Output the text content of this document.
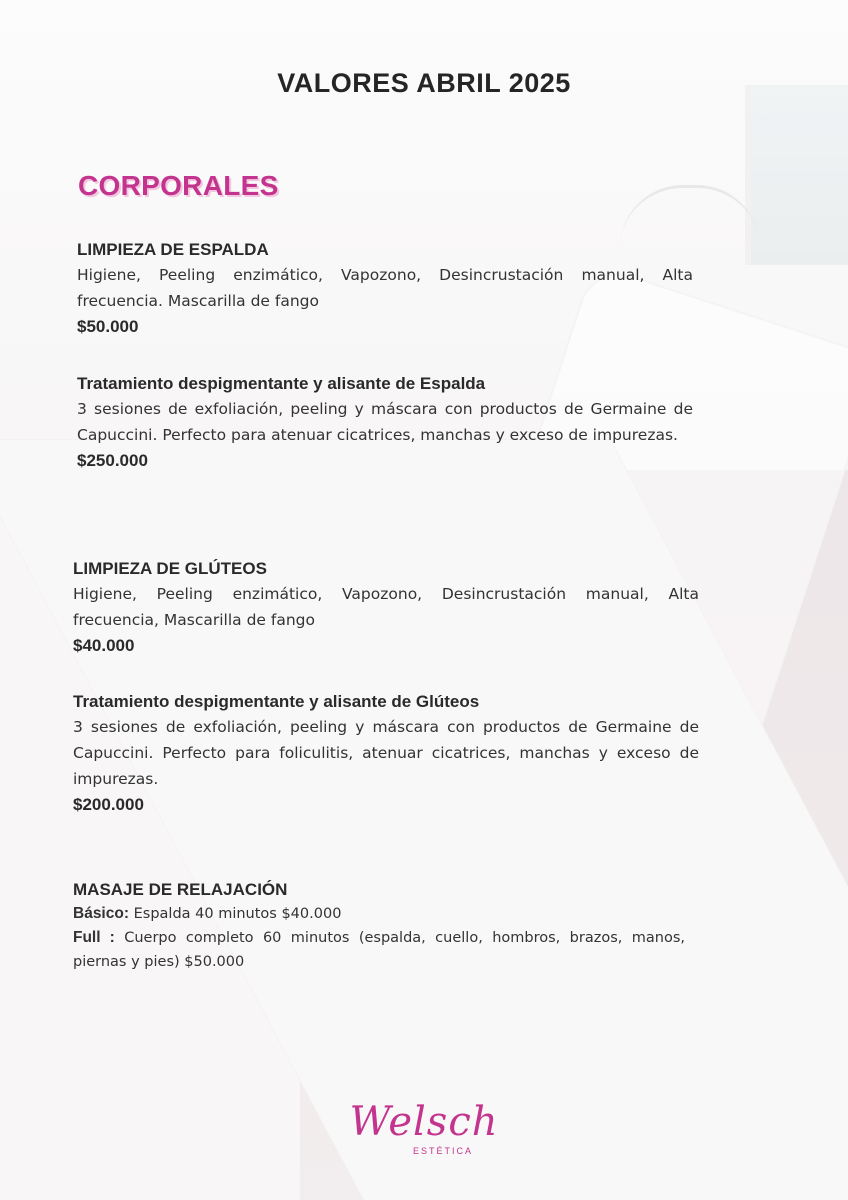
VALORES ABRIL 2025
CORPORALES
LIMPIEZA DE ESPALDA
Higiene, Peeling enzimático, Vapozono, Desincrustación manual, Alta frecuencia. Mascarilla de fango
$50.000
Tratamiento despigmentante y alisante de Espalda
3 sesiones de exfoliación, peeling y máscara con productos de Germaine de Capuccini. Perfecto para atenuar cicatrices, manchas y exceso de impurezas.
$250.000
LIMPIEZA DE GLÚTEOS
Higiene, Peeling enzimático, Vapozono, Desincrustación manual, Alta frecuencia, Mascarilla de fango
$40.000
Tratamiento despigmentante y alisante de Glúteos
3 sesiones de exfoliación, peeling y máscara con productos de Germaine de Capuccini. Perfecto para foliculitis, atenuar cicatrices, manchas y exceso de impurezas.
$200.000
MASAJE DE RELAJACIÓN
Básico: Espalda 40 minutos $40.000
Full : Cuerpo completo 60 minutos (espalda, cuello, hombros, brazos, manos, piernas y pies) $50.000
Welsch
ESTÉTICA
